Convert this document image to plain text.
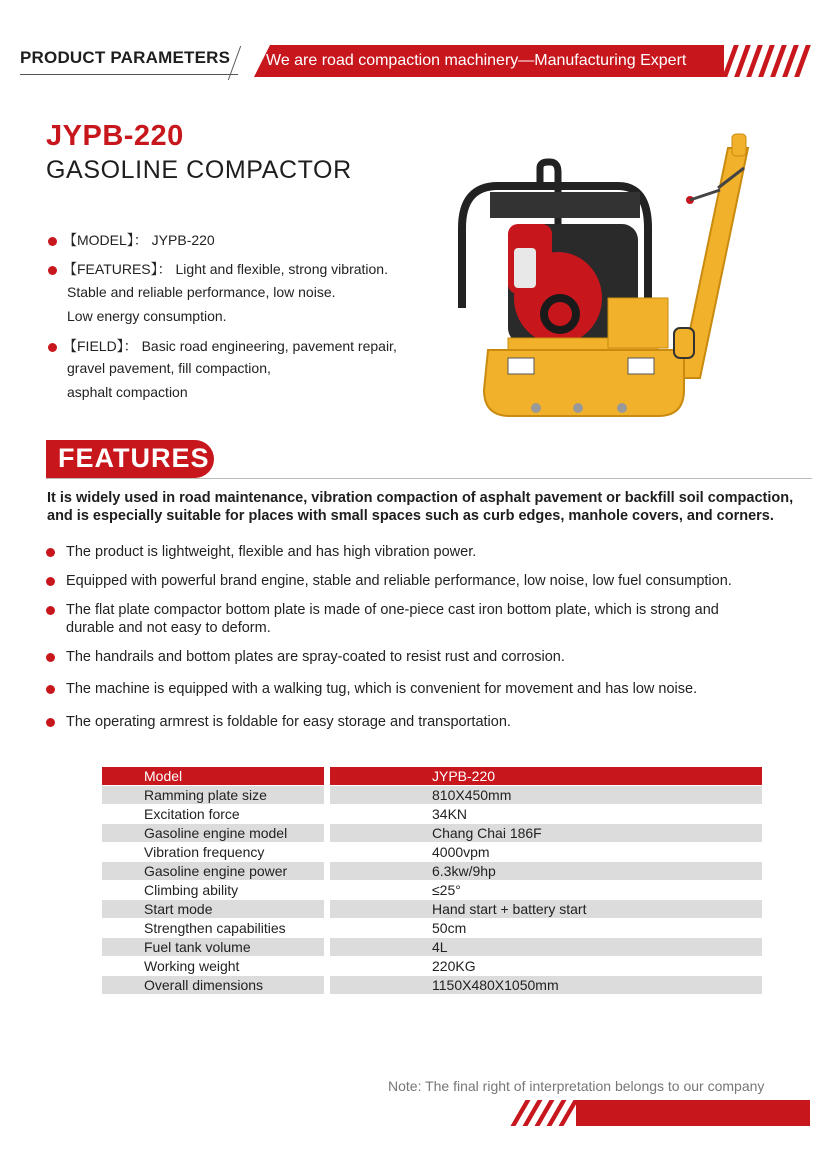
PRODUCT PARAMETERS We are road compaction machinery—Manufacturing Expert
JYPB-220
GASOLINE COMPACTOR
【MODEL】： JYPB-220
【FEATURES】： Light and flexible, strong vibration.
Stable and reliable performance, low noise.
Low energy consumption.
【FIELD】： Basic road engineering, pavement repair,
gravel pavement, fill compaction,
asphalt compaction
FEATURES
It is widely used in road maintenance, vibration compaction of asphalt pavement or backfill soil compaction,
and is especially suitable for places with small spaces such as curb edges, manhole covers, and corners.
The product is lightweight, flexible and has high vibration power.
Equipped with powerful brand engine, stable and reliable performance, low noise, low fuel consumption.
The flat plate compactor bottom plate is made of one-piece cast iron bottom plate, which is strong and
durable and not easy to deform.
The handrails and bottom plates are spray-coated to resist rust and corrosion.
The machine is equipped with a walking tug, which is convenient for movement and has low noise.
The operating armrest is foldable for easy storage and transportation.
Model	JYPB-220
Ramming plate size	810X450mm
Excitation force	34KN
Gasoline engine model	Chang Chai 186F
Vibration frequency	4000vpm
Gasoline engine power	6.3kw/9hp
Climbing ability	≤25°
Start mode	Hand start + battery start
Strengthen capabilities	50cm
Fuel tank volume	4L
Working weight	220KG
Overall dimensions	1150X480X1050mm
Note: The final right of interpretation belongs to our company
